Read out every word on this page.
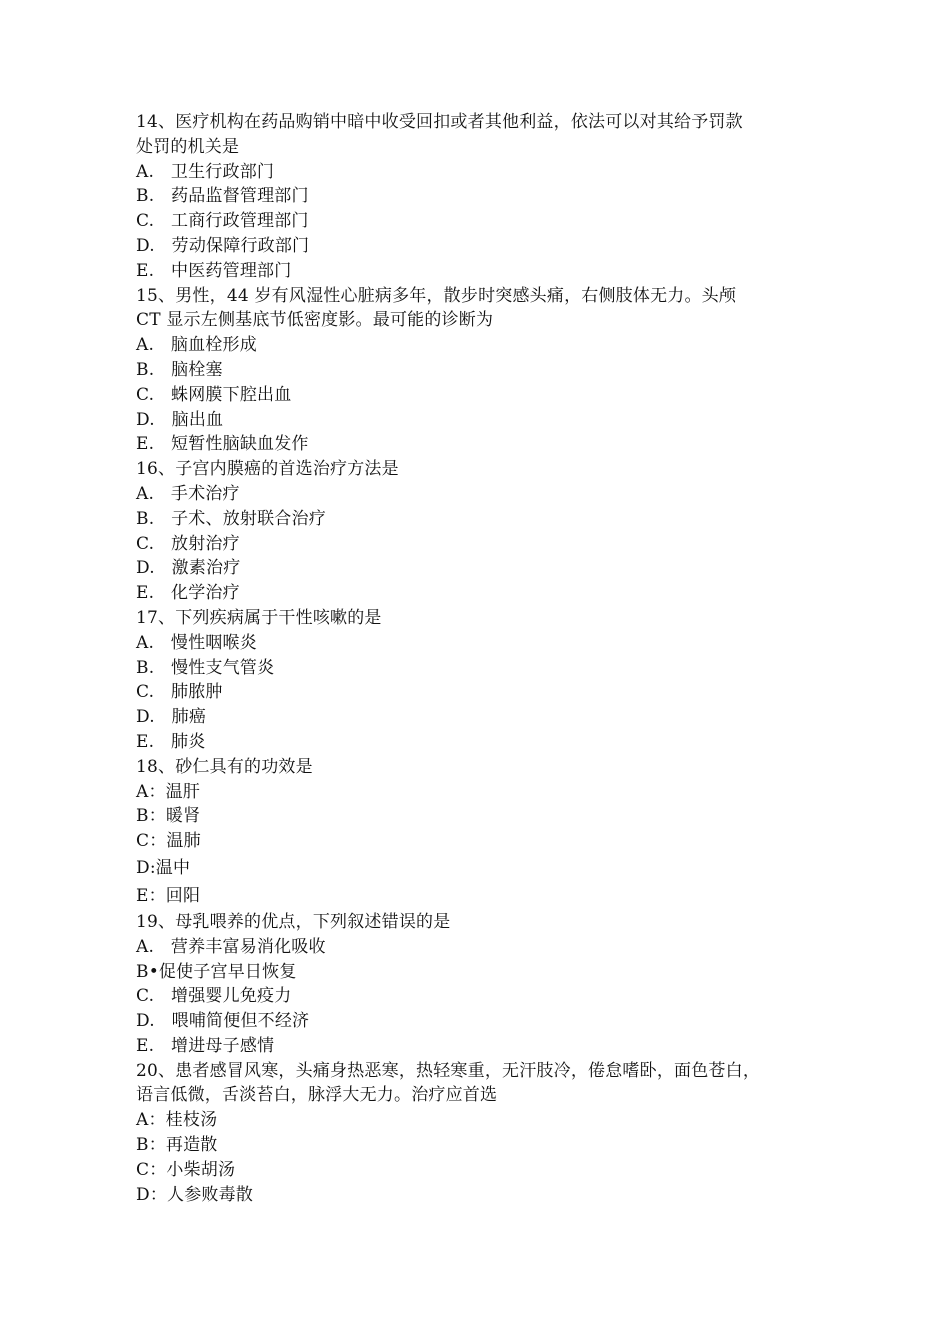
14、医疗机构在药品购销中暗中收受回扣或者其他利益，依法可以对其给予罚款
处罚的机关是
A.   卫生行政部门
B.   药品监督管理部门
C.   工商行政管理部门
D.   劳动保障行政部门
E.   中医药管理部门
15、男性，44 岁有风湿性心脏病多年，散步时突感头痛，右侧肢体无力。头颅
CT 显示左侧基底节低密度影。最可能的诊断为
A.   脑血栓形成
B.   脑栓塞
C.   蛛网膜下腔出血
D.   脑出血
E.   短暂性脑缺血发作
16、子宫内膜癌的首选治疗方法是
A.   手术治疗
B.   子术、放射联合治疗
C.   放射治疗
D.   激素治疗
E.   化学治疗
17、下列疾病属于干性咳嗽的是
A.   慢性咽喉炎
B.   慢性支气管炎
C.   肺脓肿
D.   肺癌
E.   肺炎
18、砂仁具有的功效是
A：温肝
B：暖肾
C：温肺
D:温中
E：回阳
19、母乳喂养的优点，下列叙述错误的是
A.   营养丰富易消化吸收
B•促使子宫早日恢复
C.   增强婴儿免疫力
D.   喂哺简便但不经济
E.   增进母子感情
20、患者感冒风寒，头痛身热恶寒，热轻寒重，无汗肢冷，倦怠嗜卧，面色苍白，
语言低微，舌淡苔白，脉浮大无力。治疗应首选
A：桂枝汤
B：再造散
C：小柴胡汤
D：人参败毒散
